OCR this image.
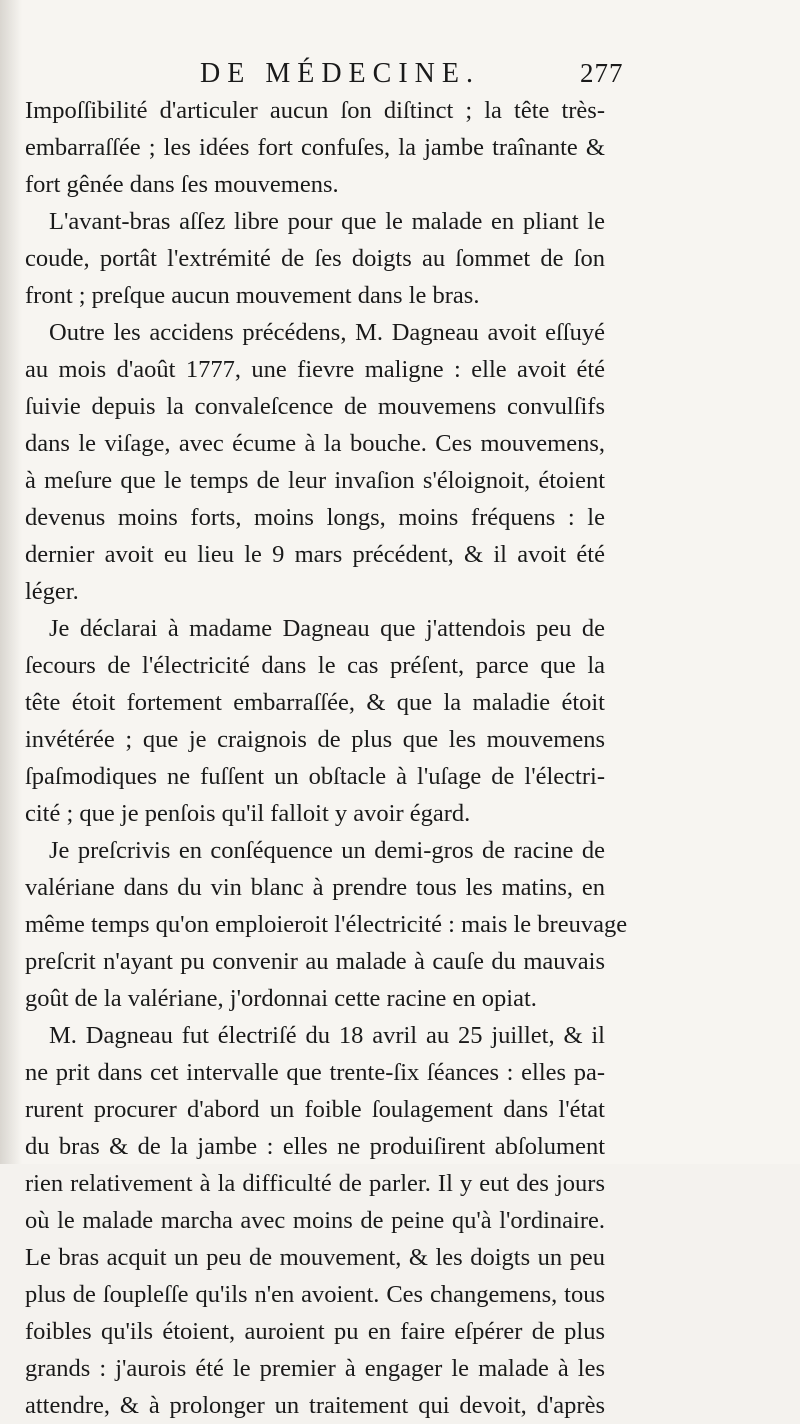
DE MÉDECINE.	277
Impoſſibilité d'articuler aucun ſon diſtinct ; la tête très-
embarraſſée ; les idées fort confuſes, la jambe traînante &
fort gênée dans ſes mouvemens.
L'avant-bras aſſez libre pour que le malade en pliant le
coude, portât l'extrémité de ſes doigts au ſommet de ſon
front ; preſque aucun mouvement dans le bras.
Outre les accidens précédens, M. Dagneau avoit eſſuyé
au mois d'août 1777, une fievre maligne : elle avoit été
ſuivie depuis la convaleſcence de mouvemens convulſifs
dans le viſage, avec écume à la bouche. Ces mouvemens,
à meſure que le temps de leur invaſion s'éloignoit, étoient
devenus moins forts, moins longs, moins fréquens : le
dernier avoit eu lieu le 9 mars précédent, & il avoit été
léger.
Je déclarai à madame Dagneau que j'attendois peu de
ſecours de l'électricité dans le cas préſent, parce que la
tête étoit fortement embarraſſée, & que la maladie étoit
invétérée ; que je craignois de plus que les mouvemens
ſpaſmodiques ne fuſſent un obſtacle à l'uſage de l'électri-
cité ; que je penſois qu'il falloit y avoir égard.
Je preſcrivis en conſéquence un demi-gros de racine de
valériane dans du vin blanc à prendre tous les matins, en
même temps qu'on emploieroit l'électricité : mais le breuvage
preſcrit n'ayant pu convenir au malade à cauſe du mauvais
goût de la valériane, j'ordonnai cette racine en opiat.
M. Dagneau fut électriſé du 18 avril au 25 juillet, & il
ne prit dans cet intervalle que trente-ſix ſéances : elles pa-
rurent procurer d'abord un foible ſoulagement dans l'état
du bras & de la jambe : elles ne produiſirent abſolument
rien relativement à la difficulté de parler. Il y eut des jours
où le malade marcha avec moins de peine qu'à l'ordinaire.
Le bras acquit un peu de mouvement, & les doigts un peu
plus de ſoupleſſe qu'ils n'en avoient. Ces changemens, tous
foibles qu'ils étoient, auroient pu en faire eſpérer de plus
grands : j'aurois été le premier à engager le malade à les
attendre, & à prolonger un traitement qui devoit, d'après
